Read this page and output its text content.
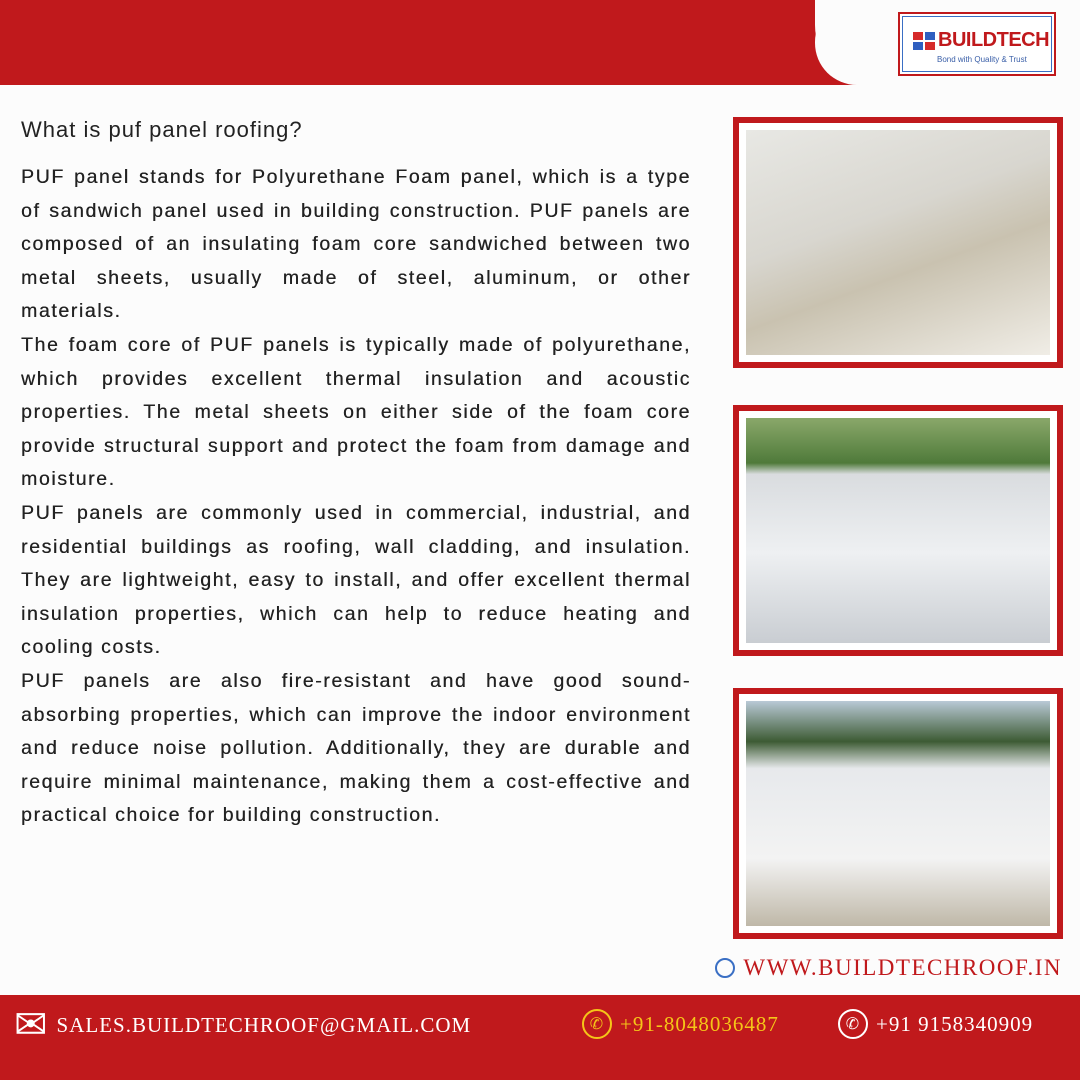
BUILDTECH
Bond with Quality & Trust
What is puf panel roofing?

PUF panel stands for Polyurethane Foam panel, which is a type of sandwich panel used in building construction. PUF panels are composed of an insulating foam core sandwiched between two metal sheets, usually made of steel, aluminum, or other materials.

The foam core of PUF panels is typically made of polyurethane, which provides excellent thermal insulation and acoustic properties. The metal sheets on either side of the foam core provide structural support and protect the foam from damage and moisture.

PUF panels are commonly used in commercial, industrial, and residential buildings as roofing, wall cladding, and insulation. They are lightweight, easy to install, and offer excellent thermal insulation properties, which can help to reduce heating and cooling costs.

PUF panels are also fire-resistant and have good sound-absorbing properties, which can improve the indoor environment and reduce noise pollution. Additionally, they are durable and require minimal maintenance, making them a cost-effective and practical choice for building construction.

WWW.BUILDTECHROOF.IN
✉ SALES.BUILDTECHROOF@GMAIL.COM	✆ +91-8048036487	✆ +91 9158340909
